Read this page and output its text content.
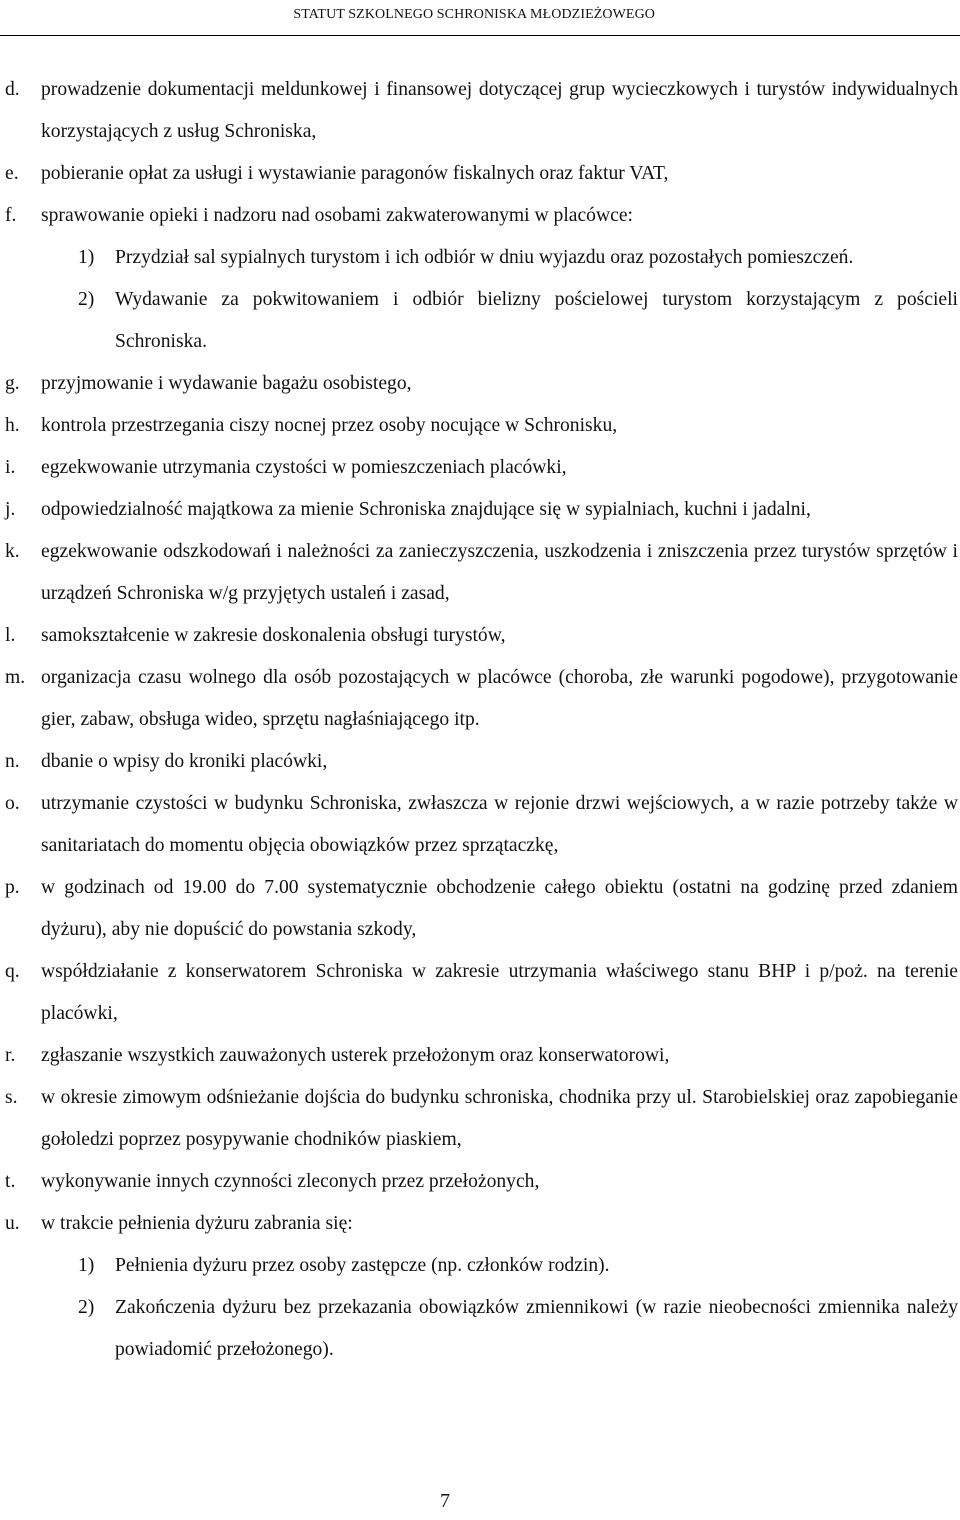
STATUT SZKOLNEGO SCHRONISKA MŁODZIEŻOWEGO
d.	prowadzenie dokumentacji meldunkowej i finansowej dotyczącej grup wycieczkowych i turystów indywidualnych korzystających z usług Schroniska,
e.	pobieranie opłat za usługi i wystawianie paragonów fiskalnych oraz faktur VAT,
f.	sprawowanie opieki i nadzoru nad osobami zakwaterowanymi w placówce:
1)	Przydział sal sypialnych turystom i ich odbiór w dniu wyjazdu oraz pozostałych pomieszczeń.
2)	Wydawanie za pokwitowaniem i odbiór bielizny pościelowej turystom korzystającym z pościeli Schroniska.
g.	przyjmowanie i wydawanie bagażu osobistego,
h.	kontrola przestrzegania ciszy nocnej przez osoby nocujące w Schronisku,
i.	egzekwowanie utrzymania czystości w pomieszczeniach placówki,
j.	odpowiedzialność majątkowa za mienie Schroniska znajdujące się w sypialniach, kuchni i jadalni,
k.	egzekwowanie odszkodowań i należności za zanieczyszczenia, uszkodzenia i zniszczenia przez turystów sprzętów i urządzeń Schroniska w/g przyjętych ustaleń i zasad,
l.	samokształcenie w zakresie doskonalenia obsługi turystów,
m. organizacja czasu wolnego dla osób pozostających w placówce (choroba, złe warunki pogodowe), przygotowanie gier, zabaw, obsługa wideo, sprzętu nagłaśniającego itp.
n.	dbanie o wpisy do kroniki placówki,
o.	utrzymanie czystości w budynku Schroniska, zwłaszcza w rejonie drzwi wejściowych, a w razie potrzeby także w sanitariatach do momentu objęcia obowiązków przez sprzątaczkę,
p.	w godzinach od 19.00 do 7.00 systematycznie obchodzenie całego obiektu (ostatni na godzinę przed zdaniem dyżuru), aby nie dopuścić do powstania szkody,
q.	współdziałanie z konserwatorem Schroniska w zakresie utrzymania właściwego stanu BHP i p/poż. na terenie placówki,
r.	zgłaszanie wszystkich zauważonych usterek przełożonym oraz konserwatorowi,
s.	w okresie zimowym odśnieżanie dojścia do budynku schroniska, chodnika przy ul. Starobielskiej oraz zapobieganie gołoledzi poprzez posypywanie chodników piaskiem,
t.	wykonywanie innych czynności zleconych przez przełożonych,
u.	w trakcie pełnienia dyżuru zabrania się:
1)	Pełnienia dyżuru przez osoby zastępcze (np. członków rodzin).
2)	Zakończenia dyżuru bez przekazania obowiązków zmiennikowi (w razie nieobecności zmiennika należy powiadomić przełożonego).
7
